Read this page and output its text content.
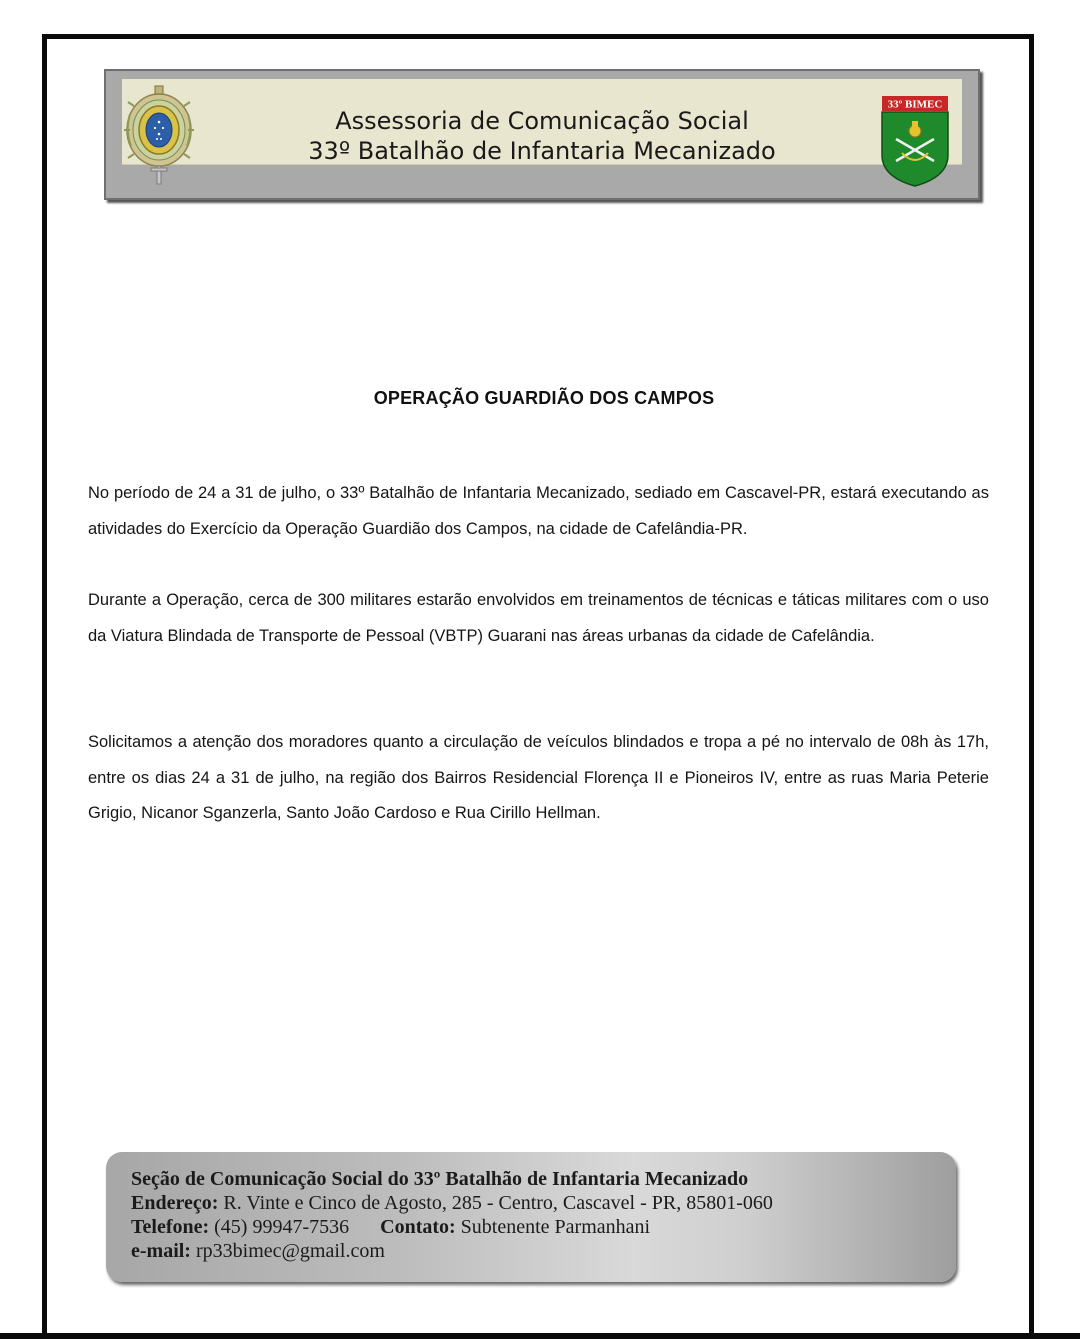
Assessoria de Comunicação Social
33º Batalhão de Infantaria Mecanizado
33º BIMEC
OPERAÇÃO GUARDIÃO DOS CAMPOS
No período de 24 a 31 de julho, o 33º Batalhão de Infantaria Mecanizado, sediado em Cascavel-PR, estará executando as atividades do Exercício da Operação Guardião dos Campos, na cidade de Cafelândia-PR.
Durante a Operação, cerca de 300 militares estarão envolvidos em treinamentos de técnicas e táticas militares com o uso da Viatura Blindada de Transporte de Pessoal (VBTP) Guarani nas áreas urbanas da cidade de Cafelândia.
Solicitamos a atenção dos moradores quanto a circulação de veículos blindados e tropa a pé no intervalo de 08h às 17h, entre os dias 24 a 31 de julho, na região dos Bairros Residencial Florença II e Pioneiros IV, entre as ruas Maria Peterie Grigio, Nicanor Sganzerla, Santo João Cardoso e Rua Cirillo Hellman.
Seção de Comunicação Social do 33º Batalhão de Infantaria Mecanizado
Endereço: R. Vinte e Cinco de Agosto, 285 - Centro, Cascavel - PR, 85801-060
Telefone: (45) 99947-7536 Contato: Subtenente Parmanhani
e-mail: rp33bimec@gmail.com
